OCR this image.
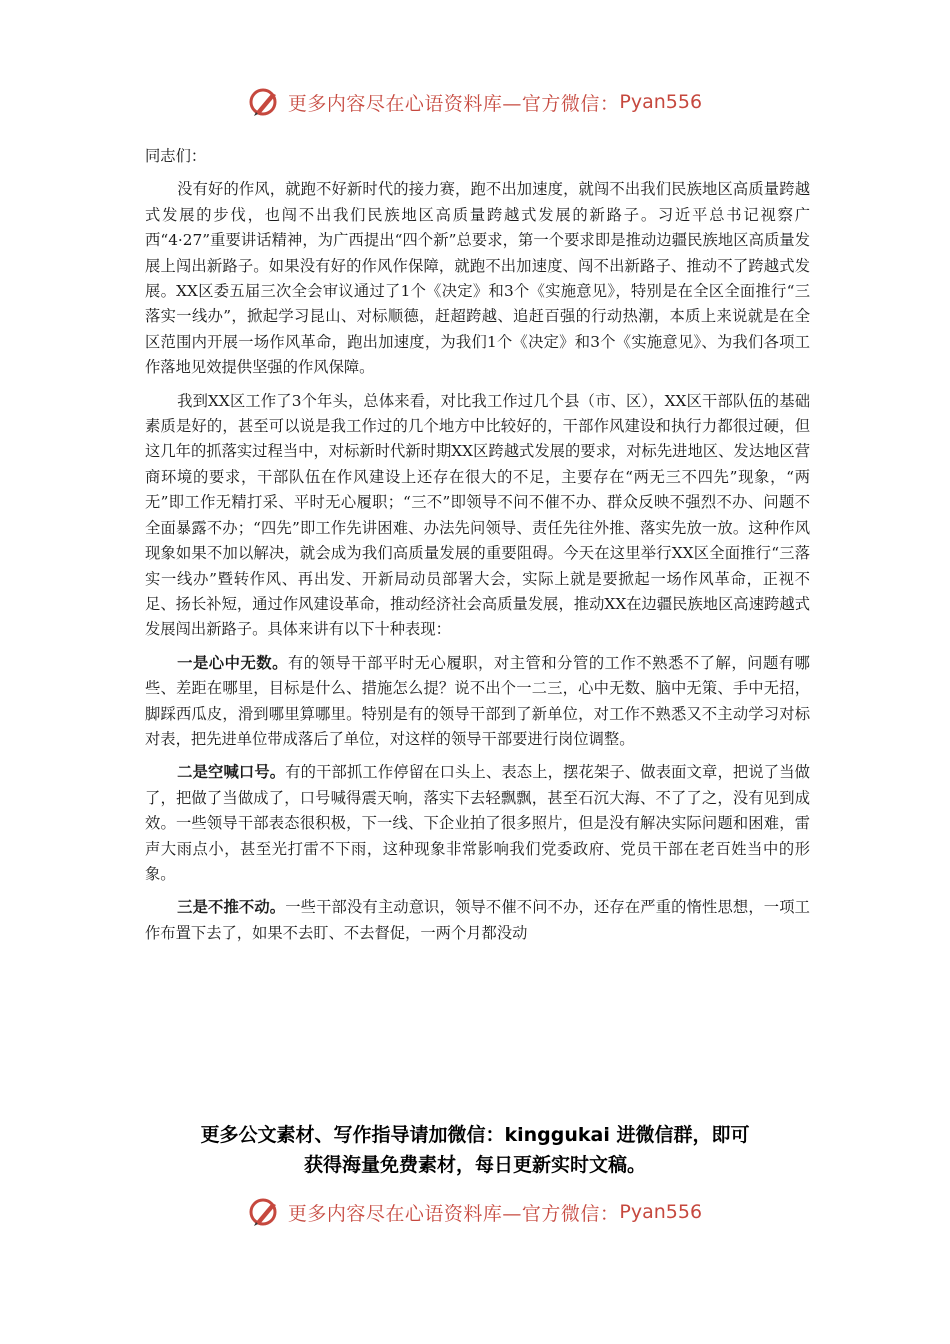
更多内容尽在心语资料库—官方微信： Pyan556

同志们：

没有好的作风，就跑不好新时代的接力赛，跑不出加速度，就闯不出我们民族地区高质量跨越式发展的步伐，也闯不出我们民族地区高质量跨越式发展的新路子。习近平总书记视察广西“4·27”重要讲话精神，为广西提出“四个新”总要求，第一个要求即是推动边疆民族地区高质量发展上闯出新路子。如果没有好的作风作保障，就跑不出加速度、闯不出新路子、推动不了跨越式发展。XX区委五届三次全会审议通过了1个《决定》和3个《实施意见》，特别是在全区全面推行“三落实一线办”，掀起学习昆山、对标顺德，赶超跨越、追赶百强的行动热潮，本质上来说就是在全区范围内开展一场作风革命，跑出加速度，为我们1个《决定》和3个《实施意见》、为我们各项工作落地见效提供坚强的作风保障。

我到XX区工作了3个年头，总体来看，对比我工作过几个县（市、区），XX区干部队伍的基础素质是好的，甚至可以说是我工作过的几个地方中比较好的，干部作风建设和执行力都很过硬，但这几年的抓落实过程当中，对标新时代新时期XX区跨越式发展的要求，对标先进地区、发达地区营商环境的要求，干部队伍在作风建设上还存在很大的不足，主要存在“两无三不四先”现象，“两无”即工作无精打采、平时无心履职；“三不”即领导不问不催不办、群众反映不强烈不办、问题不全面暴露不办；“四先”即工作先讲困难、办法先问领导、责任先往外推、落实先放一放。这种作风现象如果不加以解决，就会成为我们高质量发展的重要阻碍。今天在这里举行XX区全面推行“三落实一线办”暨转作风、再出发、开新局动员部署大会，实际上就是要掀起一场作风革命，正视不足、扬长补短，通过作风建设革命，推动经济社会高质量发展，推动XX在边疆民族地区高速跨越式发展闯出新路子。具体来讲有以下十种表现：

一是心中无数。有的领导干部平时无心履职，对主管和分管的工作不熟悉不了解，问题有哪些、差距在哪里，目标是什么、措施怎么提？说不出个一二三，心中无数、脑中无策、手中无招，脚踩西瓜皮，滑到哪里算哪里。特别是有的领导干部到了新单位，对工作不熟悉又不主动学习对标对表，把先进单位带成落后了单位，对这样的领导干部要进行岗位调整。

二是空喊口号。有的干部抓工作停留在口头上、表态上，摆花架子、做表面文章，把说了当做了，把做了当做成了，口号喊得震天响，落实下去轻飘飘，甚至石沉大海、不了了之，没有见到成效。一些领导干部表态很积极，下一线、下企业拍了很多照片，但是没有解决实际问题和困难，雷声大雨点小，甚至光打雷不下雨，这种现象非常影响我们党委政府、党员干部在老百姓当中的形象。

三是不推不动。一些干部没有主动意识，领导不催不问不办，还存在严重的惰性思想，一项工作布置下去了，如果不去盯、不去督促，一两个月都没动

更多公文素材、写作指导请加微信：kinggukai 进微信群，即可
获得海量免费素材，每日更新实时文稿。
更多内容尽在心语资料库—官方微信： Pyan556
